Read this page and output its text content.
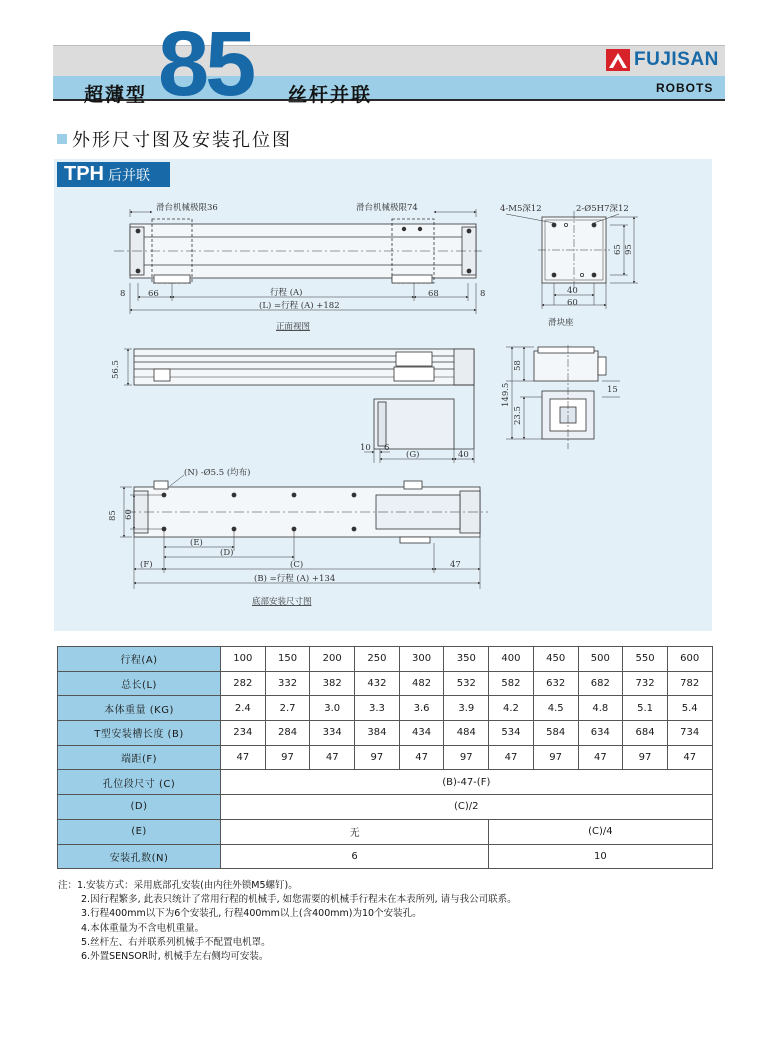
超薄型 85 丝杆并联
FUJISAN
ROBOTS
外形尺寸图及安装孔位图
滑台机械极限36	滑台机械极限74
8	66	行程 (A)	68	8
(L) =行程 (A) +182
正面视图
4-M5深12	2-Ø5H7深12
65 95
40
60
滑块座
56.5
10 6
(G)	40
58
149.5
23.5
15
(N) -Ø5.5 (均布)
85 60
(E)
(D)
(F)	(C)	47
(B) =行程 (A) +134
底部安装尺寸图
TPH 后并联
行程(A)	100	150	200	250	300	350	400	450	500	550	600
总长(L)	282	332	382	432	482	532	582	632	682	732	782
本体重量 (KG)	2.4	2.7	3.0	3.3	3.6	3.9	4.2	4.5	4.8	5.1	5.4
T型安装槽长度 (B)	234	284	334	384	434	484	534	584	634	684	734
端距(F)	47	97	47	97	47	97	47	97	47	97	47
孔位段尺寸 (C)	(B)-47-(F)										
(D)	(C)/2										
(E)	无						(C)/4				
安装孔数(N)	6						10				
注：1.安装方式：采用底部孔安装(由内往外锁M5螺钉)。
2.因行程繁多, 此表只统计了常用行程的机械手, 如您需要的机械手行程未在本表所列, 请与我公司联系。
3.行程400mm以下为6个安装孔, 行程400mm以上(含400mm)为10个安装孔。
4.本体重量为不含电机重量。
5.丝杆左、右并联系列机械手不配置电机罩。
6.外置SENSOR时, 机械手左右侧均可安装。
